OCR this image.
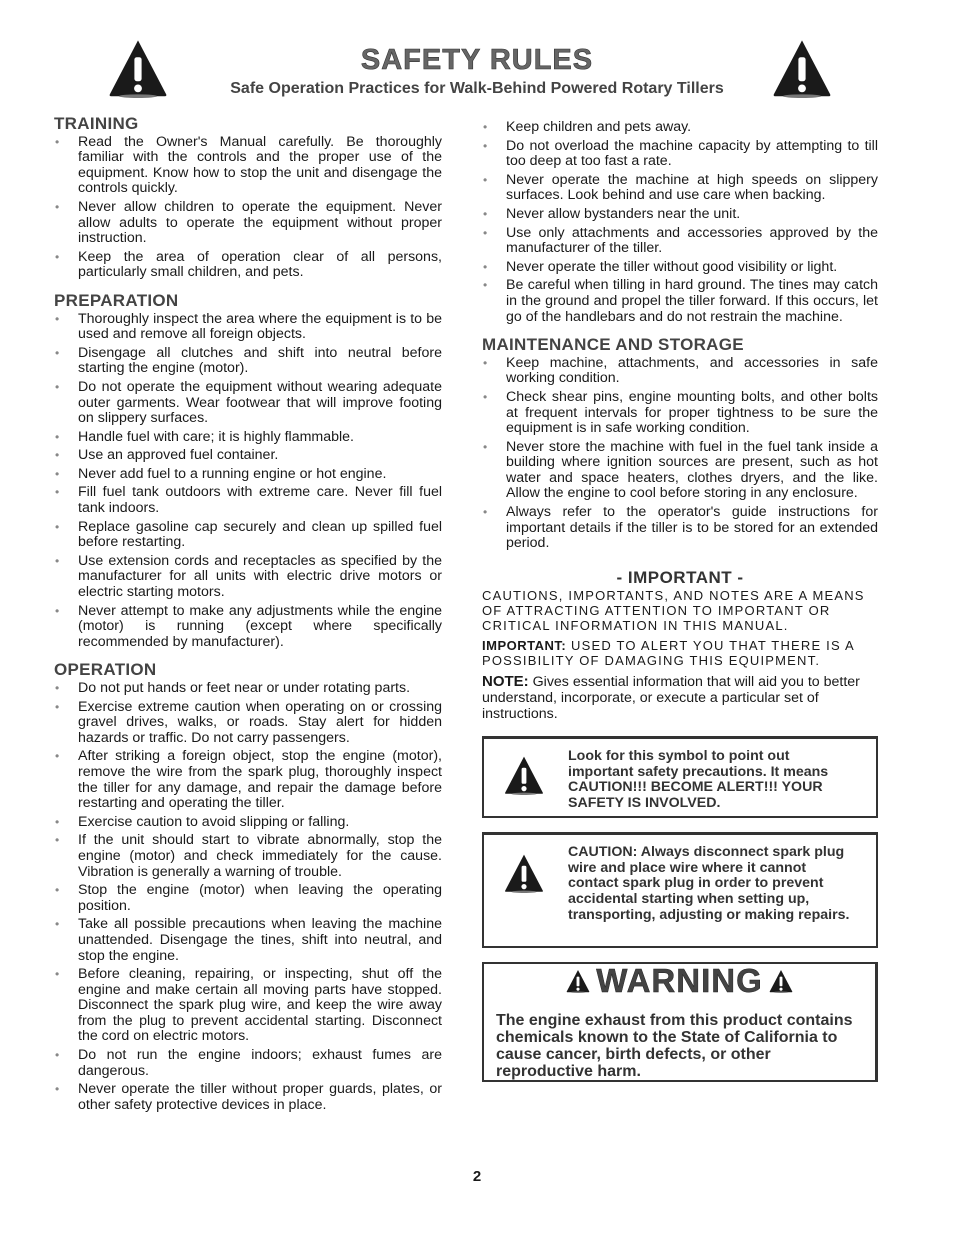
SAFETY RULES
Safe Operation Practices for Walk-Behind Powered Rotary Tillers
TRAINING
• Read the Owner's Manual carefully. Be thoroughly familiar with the controls and the proper use of the equipment. Know how to stop the unit and disengage the controls quickly.
• Never allow children to operate the equipment. Never allow adults to operate the equipment without proper instruction.
• Keep the area of operation clear of all persons, particularly small children, and pets.
PREPARATION
• Thoroughly inspect the area where the equipment is to be used and remove all foreign objects.
• Disengage all clutches and shift into neutral before starting the engine (motor).
• Do not operate the equipment without wearing adequate outer garments. Wear footwear that will improve footing on slippery surfaces.
• Handle fuel with care; it is highly flammable.
• Use an approved fuel container.
• Never add fuel to a running engine or hot engine.
• Fill fuel tank outdoors with extreme care. Never fill fuel tank indoors.
• Replace gasoline cap securely and clean up spilled fuel before restarting.
• Use extension cords and receptacles as specified by the manufacturer for all units with electric drive motors or electric starting motors.
• Never attempt to make any adjustments while the engine (motor) is running (except where specifically recommended by manufacturer).
OPERATION
• Do not put hands or feet near or under rotating parts.
• Exercise extreme caution when operating on or crossing gravel drives, walks, or roads. Stay alert for hidden hazards or traffic. Do not carry passengers.
• After striking a foreign object, stop the engine (motor), remove the wire from the spark plug, thoroughly inspect the tiller for any damage, and repair the damage before restarting and operating the tiller.
• Exercise caution to avoid slipping or falling.
• If the unit should start to vibrate abnormally, stop the engine (motor) and check immediately for the cause. Vibration is generally a warning of trouble.
• Stop the engine (motor) when leaving the operating position.
• Take all possible precautions when leaving the machine unattended. Disengage the tines, shift into neutral, and stop the engine.
• Before cleaning, repairing, or inspecting, shut off the engine and make certain all moving parts have stopped. Disconnect the spark plug wire, and keep the wire away from the plug to prevent accidental starting. Disconnect the cord on electric motors.
• Do not run the engine indoors; exhaust fumes are dangerous.
• Never operate the tiller without proper guards, plates, or other safety protective devices in place.
• Keep children and pets away.
• Do not overload the machine capacity by attempting to till too deep at too fast a rate.
• Never operate the machine at high speeds on slippery surfaces. Look behind and use care when backing.
• Never allow bystanders near the unit.
• Use only attachments and accessories approved by the manufacturer of the tiller.
• Never operate the tiller without good visibility or light.
• Be careful when tilling in hard ground. The tines may catch in the ground and propel the tiller forward. If this occurs, let go of the handlebars and do not restrain the machine.
MAINTENANCE AND STORAGE
• Keep machine, attachments, and accessories in safe working condition.
• Check shear pins, engine mounting bolts, and other bolts at frequent intervals for proper tightness to be sure the equipment is in safe working condition.
• Never store the machine with fuel in the fuel tank inside a building where ignition sources are present, such as hot water and space heaters, clothes dryers, and the like. Allow the engine to cool before storing in any enclosure.
• Always refer to the operator's guide instructions for important details if the tiller is to be stored for an extended period.
- IMPORTANT -

CAUTIONS, IMPORTANTS, AND NOTES ARE A MEANS OF ATTRACTING ATTENTION TO IMPORTANT OR CRITICAL INFORMATION IN THIS MANUAL.

IMPORTANT: USED TO ALERT YOU THAT THERE IS A POSSIBILITY OF DAMAGING THIS EQUIPMENT.

NOTE: Gives essential information that will aid you to better understand, incorporate, or execute a particular set of instructions.

Look for this symbol to point out important safety precautions. It means CAUTION!!! BECOME ALERT!!! YOUR SAFETY IS INVOLVED.
CAUTION: Always disconnect spark plug wire and place wire where it cannot contact spark plug in order to prevent accidental starting when setting up, transporting, adjusting or making repairs.
WARNING
The engine exhaust from this product contains chemicals known to the State of California to cause cancer, birth defects, or other reproductive harm.
2
